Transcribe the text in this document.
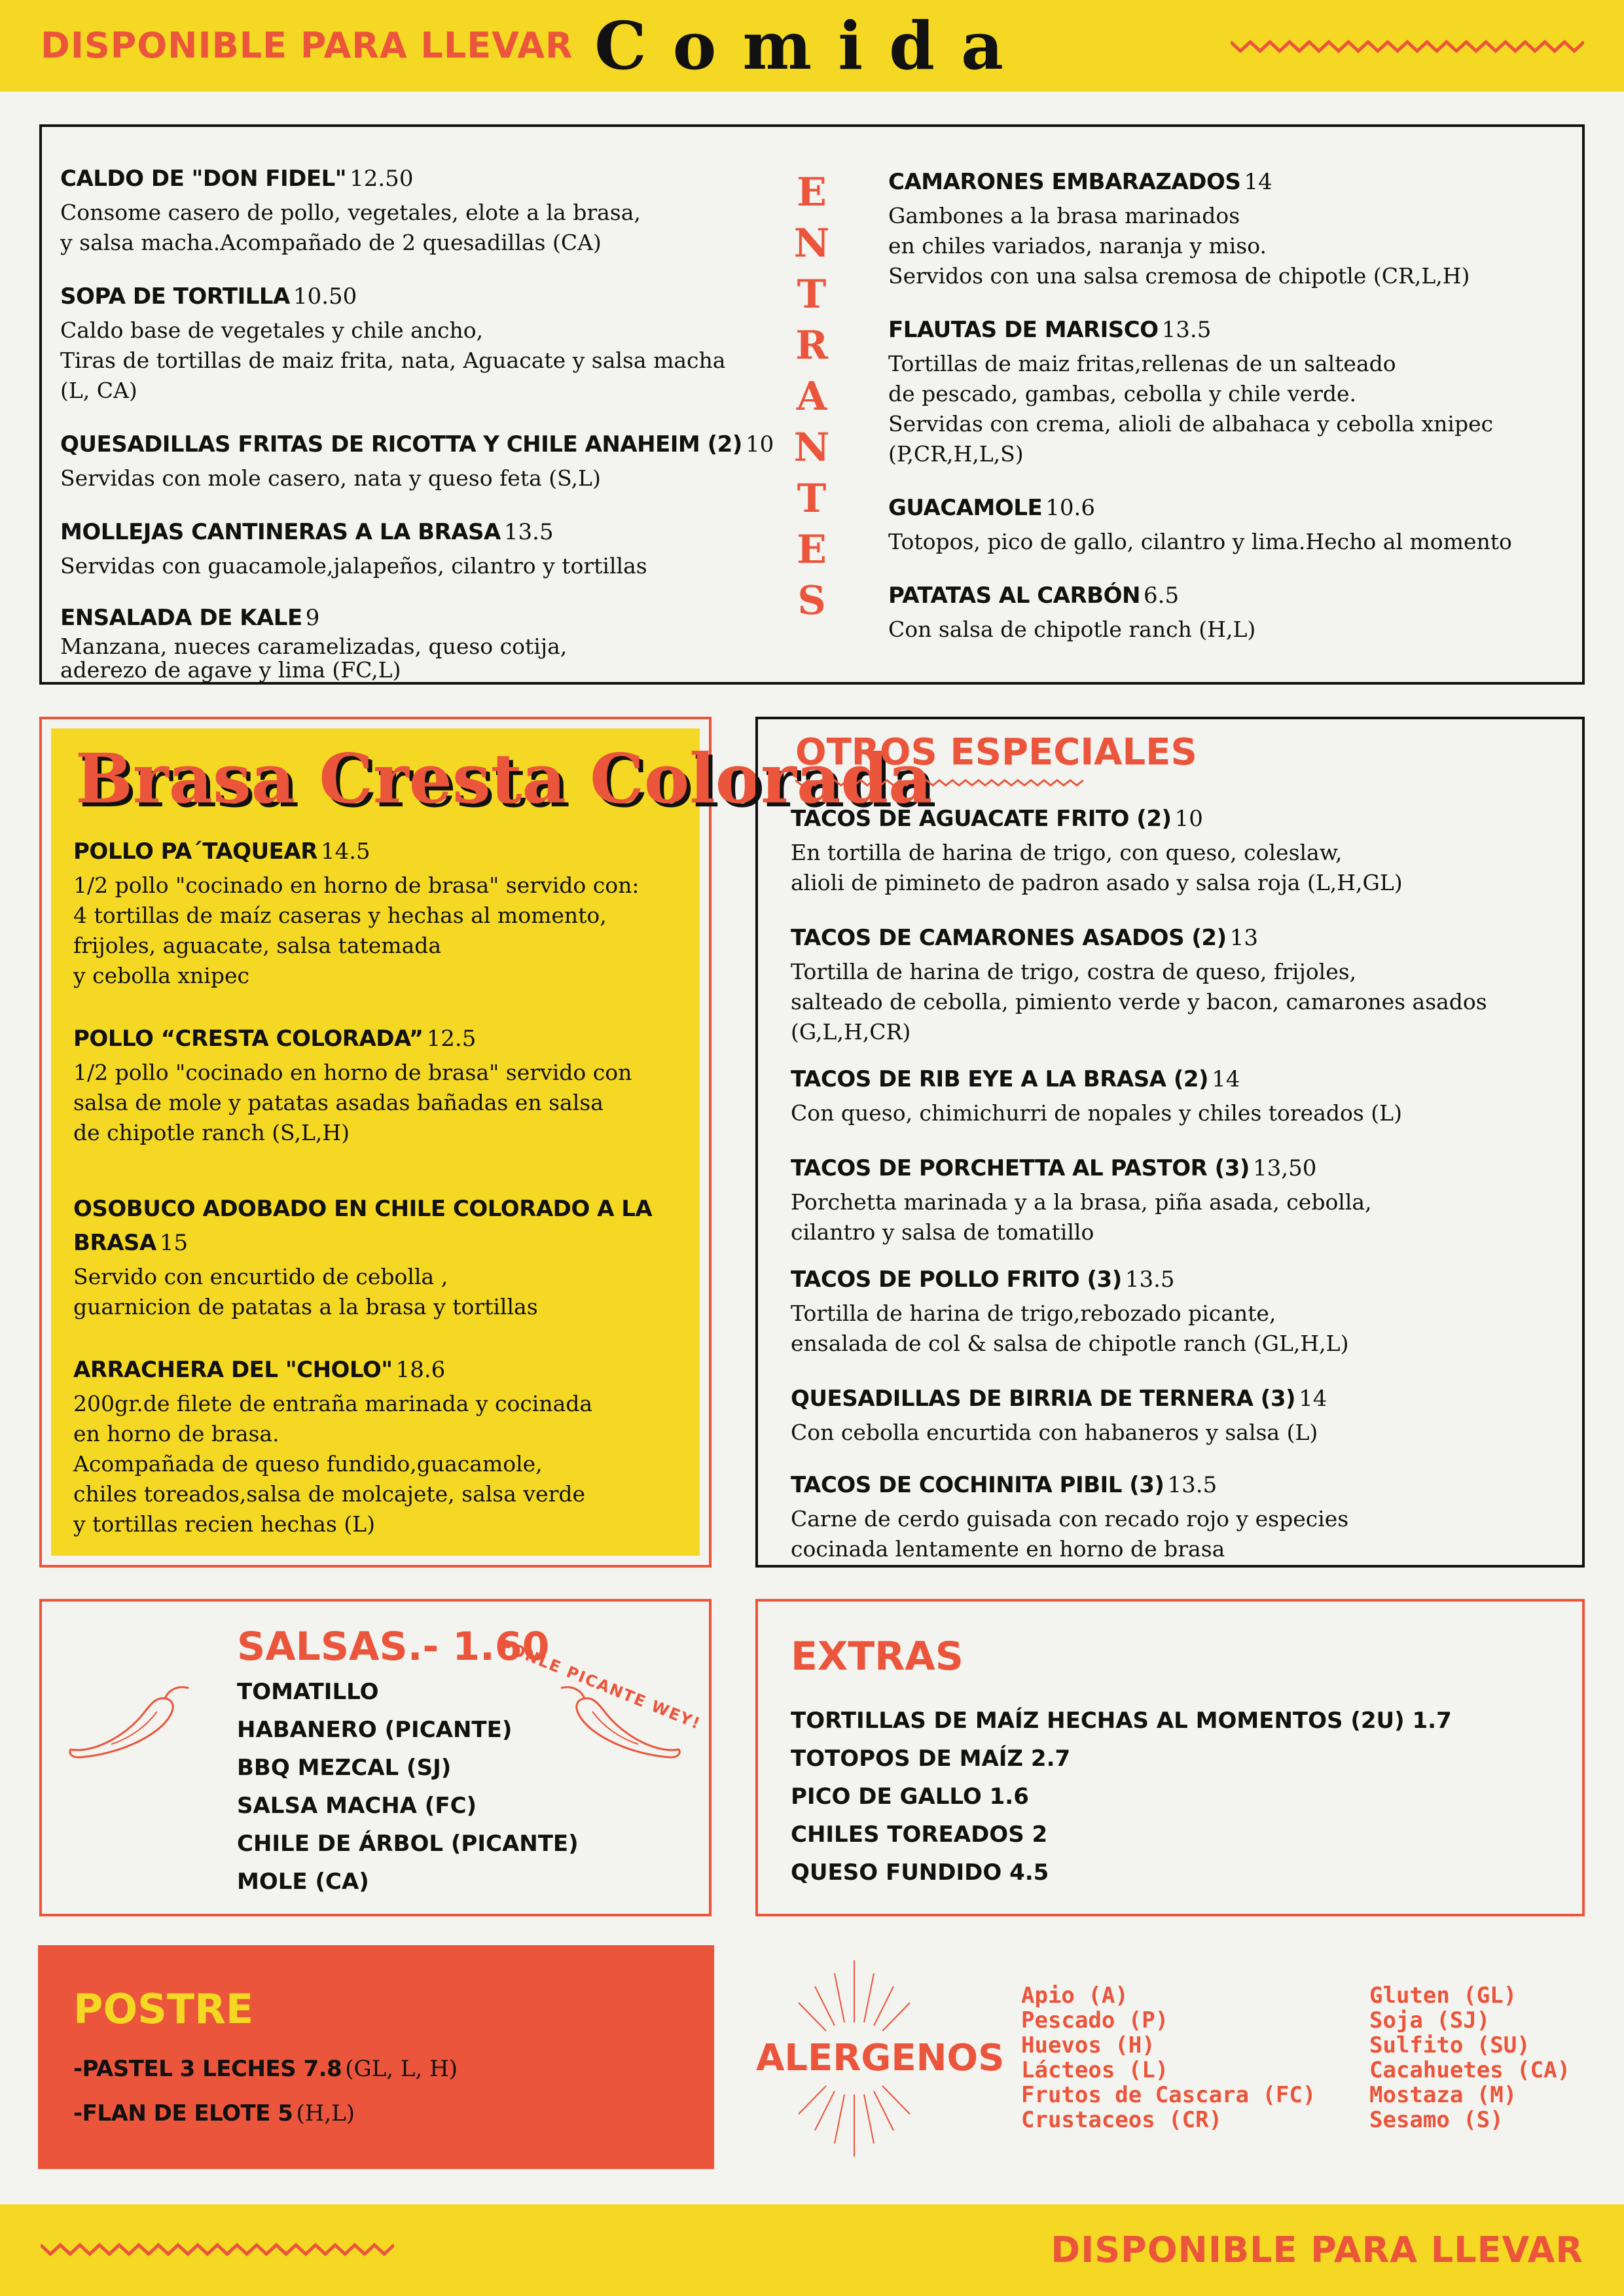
DISPONIBLE PARA LLEVAR Comida
CALDO DE "DON FIDEL" 12.50
Consome casero de pollo, vegetales, elote a la brasa,
y salsa macha.Acompañado de 2 quesadillas (CA)
SOPA DE TORTILLA 10.50
Caldo base de vegetales y chile ancho,
Tiras de tortillas de maiz frita, nata, Aguacate y salsa macha
(L, CA)
QUESADILLAS FRITAS DE RICOTTA Y CHILE ANAHEIM (2) 10
Servidas con mole casero, nata y queso feta (S,L)
MOLLEJAS CANTINERAS A LA BRASA 13.5
Servidas con guacamole,jalapeños, cilantro y tortillas
ENSALADA DE KALE 9
Manzana, nueces caramelizadas, queso cotija,
aderezo de agave y lima (FC,L)
E
N
T
R
A
N
T
E
S
CAMARONES EMBARAZADOS 14
Gambones a la brasa marinados
en chiles variados, naranja y miso.
Servidos con una salsa cremosa de chipotle (CR,L,H)
FLAUTAS DE MARISCO 13.5
Tortillas de maiz fritas,rellenas de un salteado
de pescado, gambas, cebolla y chile verde.
Servidas con crema, alioli de albahaca y cebolla xnipec
(P,CR,H,L,S)
GUACAMOLE 10.6
Totopos, pico de gallo, cilantro y lima.Hecho al momento
PATATAS AL CARBÓN 6.5
Con salsa de chipotle ranch (H,L)
Brasa Cresta Colorada
POLLO PA´TAQUEAR 14.5
1/2 pollo "cocinado en horno de brasa" servido con:
4 tortillas de maíz caseras y hechas al momento,
frijoles, aguacate, salsa tatemada
y cebolla xnipec
POLLO “CRESTA COLORADA” 12.5
1/2 pollo "cocinado en horno de brasa" servido con
salsa de mole y patatas asadas bañadas en salsa
de chipotle ranch (S,L,H)
OSOBUCO ADOBADO EN CHILE COLORADO A LA BRASA 15
Servido con encurtido de cebolla ,
guarnicion de patatas a la brasa y tortillas
ARRACHERA DEL "CHOLO" 18.6
200gr.de filete de entraña marinada y cocinada
en horno de brasa.
Acompañada de queso fundido,guacamole,
chiles toreados,salsa de molcajete, salsa verde
y tortillas recien hechas (L)
OTROS ESPECIALES
TACOS DE AGUACATE FRITO (2) 10
En tortilla de harina de trigo, con queso, coleslaw,
alioli de pimineto de padron asado y salsa roja (L,H,GL)
TACOS DE CAMARONES ASADOS (2) 13
Tortilla de harina de trigo, costra de queso, frijoles,
salteado de cebolla, pimiento verde y bacon, camarones asados
(G,L,H,CR)
TACOS DE RIB EYE A LA BRASA (2) 14
Con queso, chimichurri de nopales y chiles toreados (L)
TACOS DE PORCHETTA AL PASTOR (3) 13,50
Porchetta marinada y a la brasa, piña asada, cebolla,
cilantro y salsa de tomatillo
TACOS DE POLLO FRITO (3) 13.5
Tortilla de harina de trigo,rebozado picante,
ensalada de col & salsa de chipotle ranch (GL,H,L)
QUESADILLAS DE BIRRIA DE TERNERA (3) 14
Con cebolla encurtida con habaneros y salsa (L)
TACOS DE COCHINITA PIBIL (3) 13.5
Carne de cerdo guisada con recado rojo y especies
cocinada lentamente en horno de brasa
SALSAS.- 1.60
PONLE PICANTE WEY!
TOMATILLO
HABANERO (PICANTE)
BBQ MEZCAL (SJ)
SALSA MACHA (FC)
CHILE DE ÁRBOL (PICANTE)
MOLE (CA)
EXTRAS
TORTILLAS DE MAÍZ HECHAS AL MOMENTOS (2U) 1.7
TOTOPOS DE MAÍZ 2.7
PICO DE GALLO 1.6
CHILES TOREADOS 2
QUESO FUNDIDO 4.5
POSTRE
-PASTEL 3 LECHES 7.8 (GL, L, H)
-FLAN DE ELOTE 5 (H,L)
ALERGENOS
Apio (A)
Pescado (P)
Huevos (H)
Lácteos (L)
Frutos de Cascara (FC)
Crustaceos (CR)
Gluten (GL)
Soja (SJ)
Sulfito (SU)
Cacahuetes (CA)
Mostaza (M)
Sesamo (S)
DISPONIBLE PARA LLEVAR
